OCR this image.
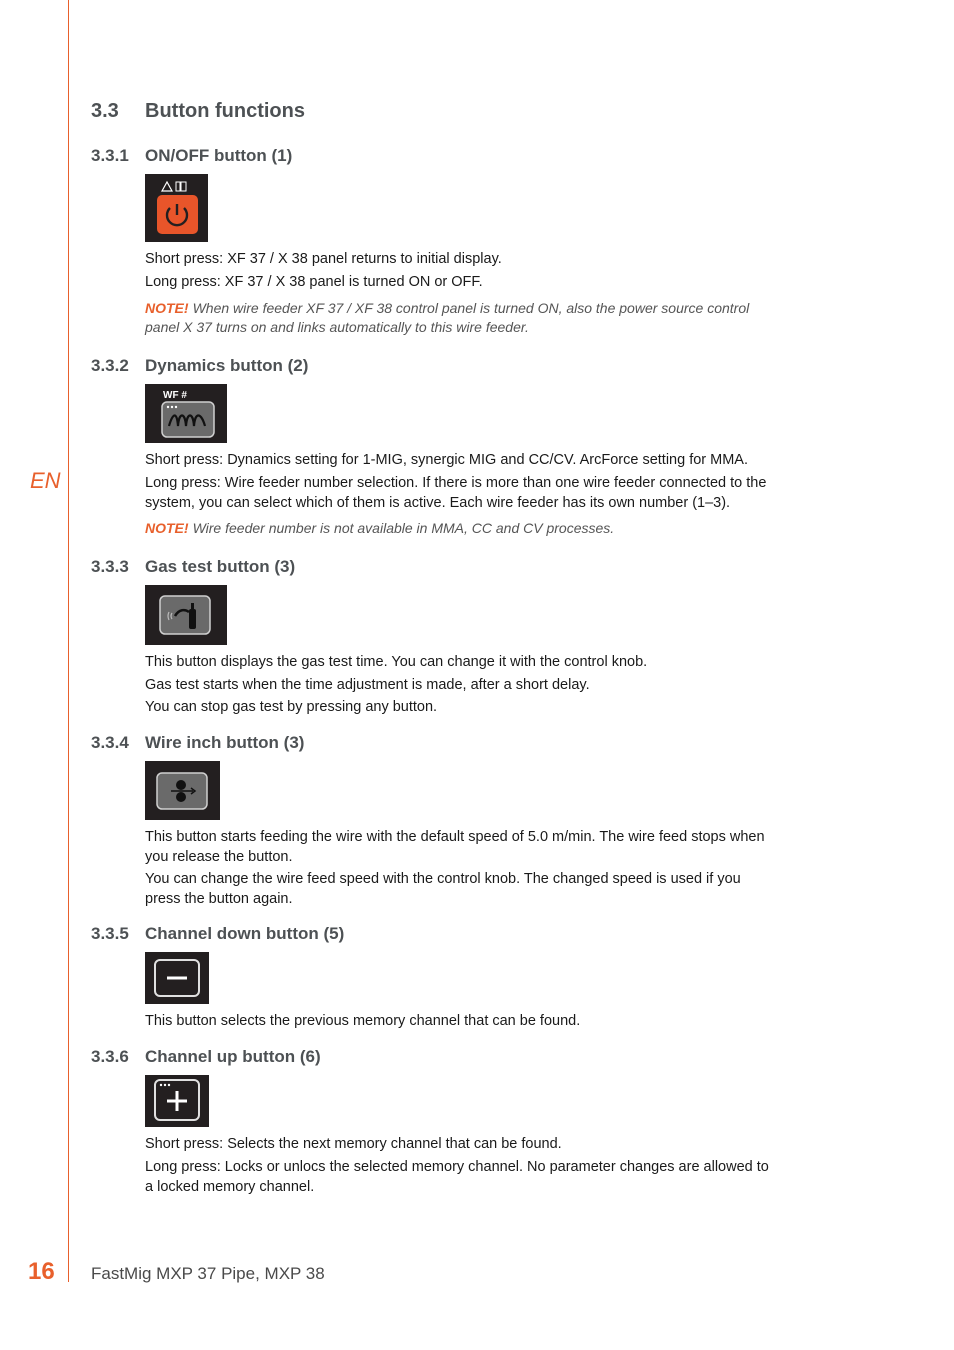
EN
3.3 Button functions
3.3.1 ON/OFF button (1)
Short press: XF 37 / X 38 panel returns to initial display.
Long press: XF 37 / X 38 panel is turned ON or OFF.
NOTE! When wire feeder XF 37 / XF 38 control panel is turned ON, also the power source control panel X 37 turns on and links automatically to this wire feeder.
3.3.2 Dynamics button (2)
WF #
Short press: Dynamics setting for 1-MIG, synergic MIG and CC/CV. ArcForce setting for MMA.
Long press: Wire feeder number selection. If there is more than one wire feeder connected to the system, you can select which of them is active. Each wire feeder has its own number (1–3).
NOTE! Wire feeder number is not available in MMA, CC and CV processes.
3.3.3 Gas test button (3)
This button displays the gas test time. You can change it with the control knob.
Gas test starts when the time adjustment is made, after a short delay.
You can stop gas test by pressing any button.
3.3.4 Wire inch button (3)
This button starts feeding the wire with the default speed of 5.0 m/min. The wire feed stops when you release the button.
You can change the wire feed speed with the control knob. The changed speed is used if you press the button again.
3.3.5 Channel down button (5)
This button selects the previous memory channel that can be found.
3.3.6 Channel up button (6)
Short press: Selects the next memory channel that can be found.
Long press: Locks or unlocs the selected memory channel. No parameter changes are allowed to a locked memory channel.
16 FastMig MXP 37 Pipe, MXP 38
